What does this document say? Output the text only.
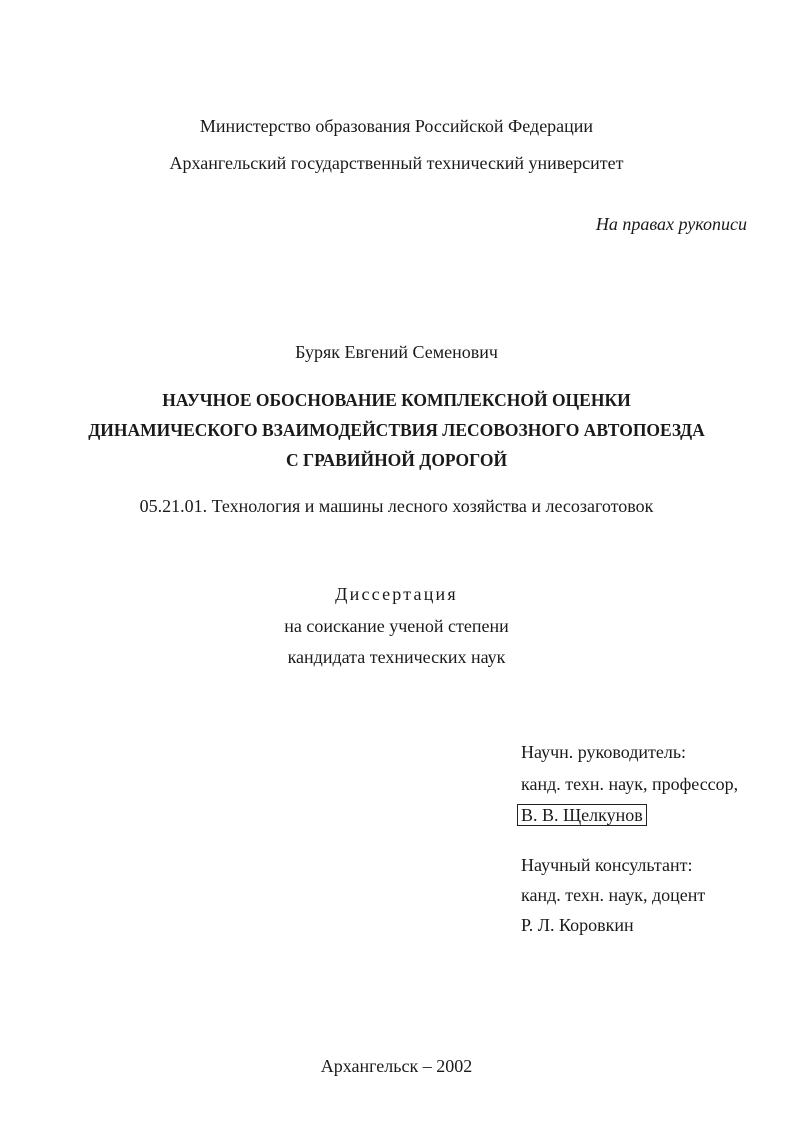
Министерство образования Российской Федерации
Архангельский государственный технический университет
На правах рукописи
Буряк Евгений Семенович
НАУЧНОЕ ОБОСНОВАНИЕ КОМПЛЕКСНОЙ ОЦЕНКИ
ДИНАМИЧЕСКОГО ВЗАИМОДЕЙСТВИЯ ЛЕСОВОЗНОГО АВТОПОЕЗДА
С ГРАВИЙНОЙ ДОРОГОЙ
05.21.01. Технология и машины лесного хозяйства и лесозаготовок
Диссертация
на соискание ученой степени
кандидата технических наук
Научн. руководитель:
канд. техн. наук, профессор,
В. В. Щелкунов
Научный консультант:
канд. техн. наук, доцент
Р. Л. Коровкин
Архангельск – 2002
